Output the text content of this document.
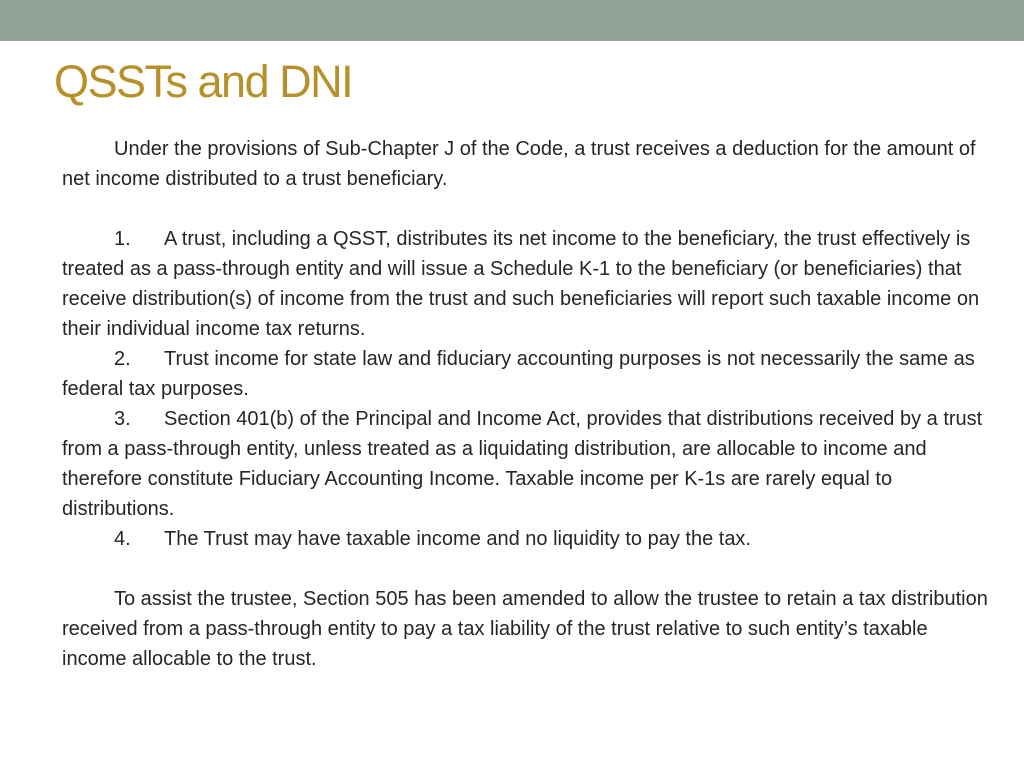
QSSTs and DNI

Under the provisions of Sub-Chapter J of the Code, a trust receives a deduction for the amount of net income distributed to a trust beneficiary.

1. A trust, including a QSST, distributes its net income to the beneficiary, the trust effectively is treated as a pass-through entity and will issue a Schedule K-1 to the beneficiary (or beneficiaries) that receive distribution(s) of income from the trust and such beneficiaries will report such taxable income on their individual income tax returns.

2. Trust income for state law and fiduciary accounting purposes is not necessarily the same as federal tax purposes.

3. Section 401(b) of the Principal and Income Act, provides that distributions received by a trust from a pass-through entity, unless treated as a liquidating distribution, are allocable to income and therefore constitute Fiduciary Accounting Income. Taxable income per K-1s are rarely equal to distributions.

4. The Trust may have taxable income and no liquidity to pay the tax.

To assist the trustee, Section 505 has been amended to allow the trustee to retain a tax distribution received from a pass-through entity to pay a tax liability of the trust relative to such entity’s taxable income allocable to the trust.
